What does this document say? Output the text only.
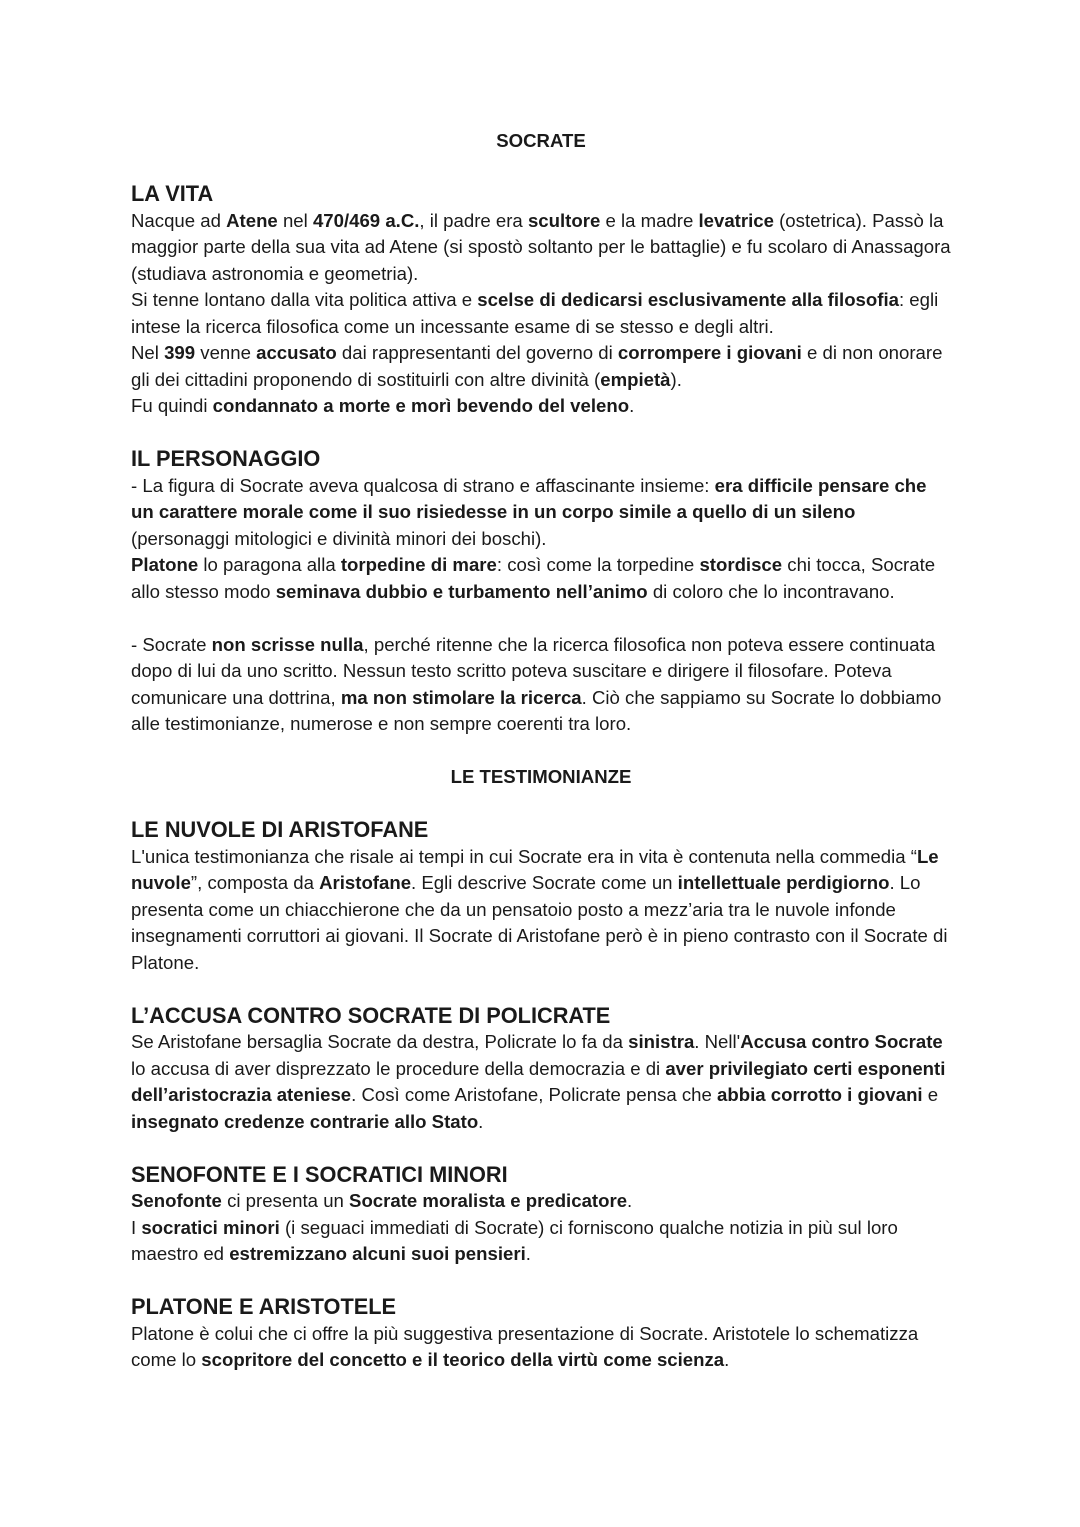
SOCRATE
LA VITA

Nacque ad Atene nel 470/469 a.C., il padre era scultore e la madre levatrice (ostetrica). Passò la maggior parte della sua vita ad Atene (si spostò soltanto per le battaglie) e fu scolaro di Anassagora (studiava astronomia e geometria).

Si tenne lontano dalla vita politica attiva e scelse di dedicarsi esclusivamente alla filosofia: egli intese la ricerca filosofica come un incessante esame di se stesso e degli altri.

Nel 399 venne accusato dai rappresentanti del governo di corrompere i giovani e di non onorare gli dei cittadini proponendo di sostituirli con altre divinità (empietà).

Fu quindi condannato a morte e morì bevendo del veleno.

IL PERSONAGGIO

- La figura di Socrate aveva qualcosa di strano e affascinante insieme: era difficile pensare che un carattere morale come il suo risiedesse in un corpo simile a quello di un sileno (personaggi mitologici e divinità minori dei boschi).

Platone lo paragona alla torpedine di mare: così come la torpedine stordisce chi tocca, Socrate allo stesso modo seminava dubbio e turbamento nell’animo di coloro che lo incontravano.

- Socrate non scrisse nulla, perché ritenne che la ricerca filosofica non poteva essere continuata dopo di lui da uno scritto. Nessun testo scritto poteva suscitare e dirigere il filosofare. Poteva comunicare una dottrina, ma non stimolare la ricerca. Ciò che sappiamo su Socrate lo dobbiamo alle testimonianze, numerose e non sempre coerenti tra loro.

LE TESTIMONIANZE
LE NUVOLE DI ARISTOFANE

L'unica testimonianza che risale ai tempi in cui Socrate era in vita è contenuta nella commedia “Le nuvole”, composta da Aristofane. Egli descrive Socrate come un intellettuale perdigiorno. Lo presenta come un chiacchierone che da un pensatoio posto a mezz’aria tra le nuvole infonde insegnamenti corruttori ai giovani. Il Socrate di Aristofane però è in pieno contrasto con il Socrate di Platone.

L’ACCUSA CONTRO SOCRATE DI POLICRATE

Se Aristofane bersaglia Socrate da destra, Policrate lo fa da sinistra. Nell'Accusa contro Socrate lo accusa di aver disprezzato le procedure della democrazia e di aver privilegiato certi esponenti dell’aristocrazia ateniese. Così come Aristofane, Policrate pensa che abbia corrotto i giovani e insegnato credenze contrarie allo Stato.

SENOFONTE E I SOCRATICI MINORI

Senofonte ci presenta un Socrate moralista e predicatore.

I socratici minori (i seguaci immediati di Socrate) ci forniscono qualche notizia in più sul loro maestro ed estremizzano alcuni suoi pensieri.

PLATONE E ARISTOTELE

Platone è colui che ci offre la più suggestiva presentazione di Socrate. Aristotele lo schematizza come lo scopritore del concetto e il teorico della virtù come scienza.
